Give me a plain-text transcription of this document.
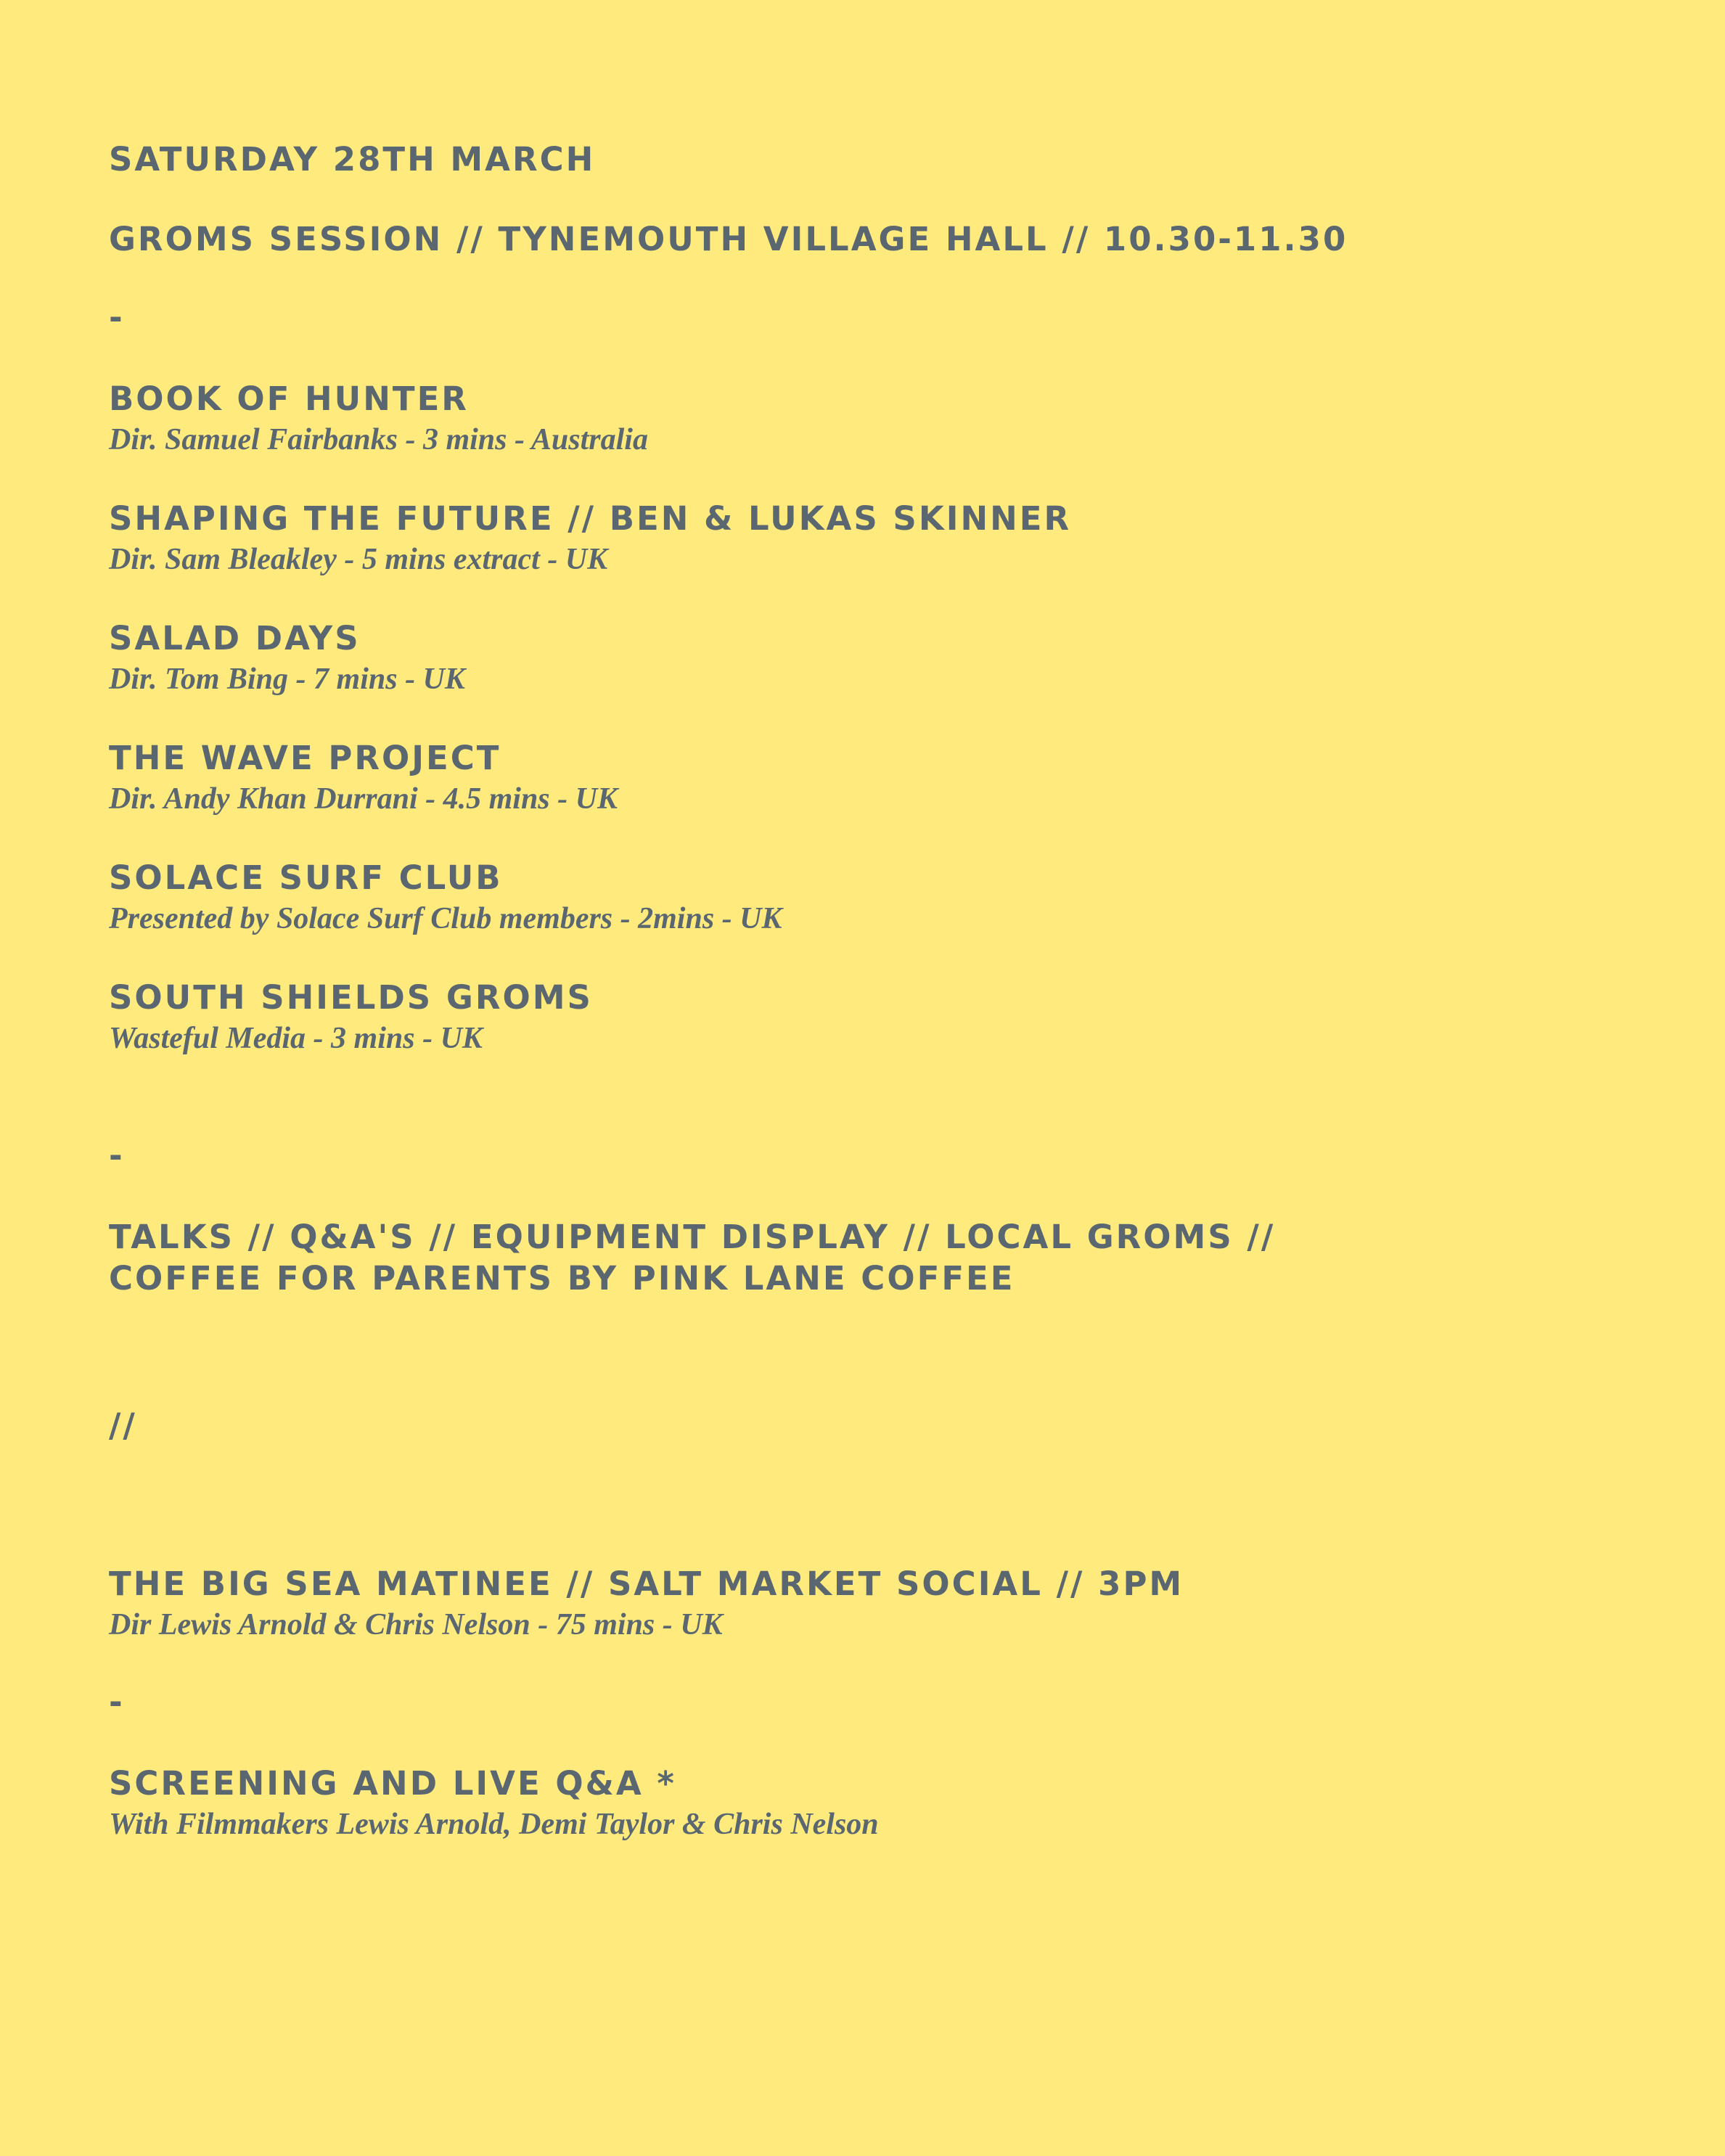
SATURDAY 28TH MARCH

GROMS SESSION // TYNEMOUTH VILLAGE HALL // 10.30-11.30

-

BOOK OF HUNTER

Dir. Samuel Fairbanks - 3 mins - Australia

SHAPING THE FUTURE // BEN & LUKAS SKINNER

Dir. Sam Bleakley - 5 mins extract - UK

SALAD DAYS

Dir. Tom Bing - 7 mins - UK

THE WAVE PROJECT

Dir. Andy Khan Durrani - 4.5 mins - UK

SOLACE SURF CLUB

Presented by Solace Surf Club members - 2mins - UK

SOUTH SHIELDS GROMS

Wasteful Media - 3 mins - UK

-

TALKS // Q&A'S // EQUIPMENT DISPLAY // LOCAL GROMS //

COFFEE FOR PARENTS BY PINK LANE COFFEE

//

THE BIG SEA MATINEE // SALT MARKET SOCIAL // 3PM

Dir Lewis Arnold & Chris Nelson - 75 mins - UK

-

SCREENING AND LIVE Q&A *

With Filmmakers Lewis Arnold, Demi Taylor & Chris Nelson
